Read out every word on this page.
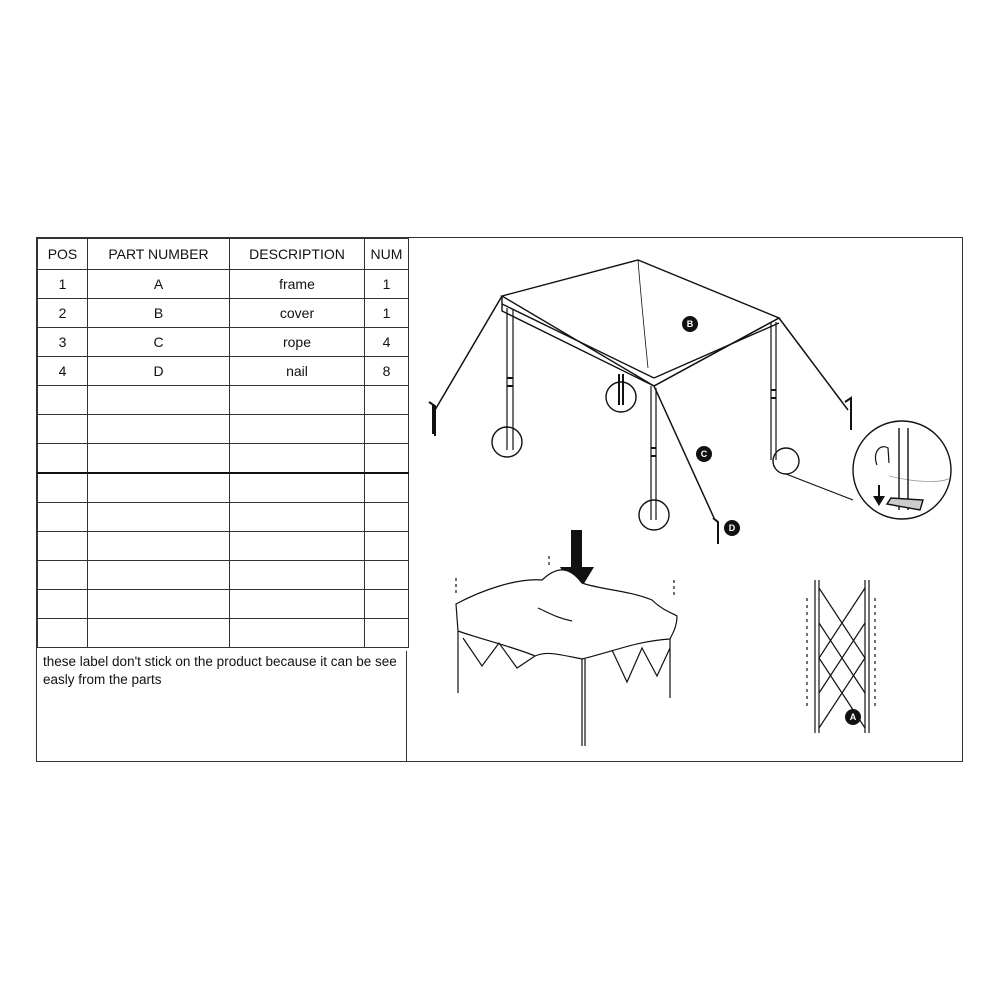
POS	PART NUMBER	DESCRIPTION	NUM
1	A	frame	1
2	B	cover	1
3	C	rope	4
4	D	nail	8

these label don't stick on the product because it can be see easly from the parts
B
C
D
A
